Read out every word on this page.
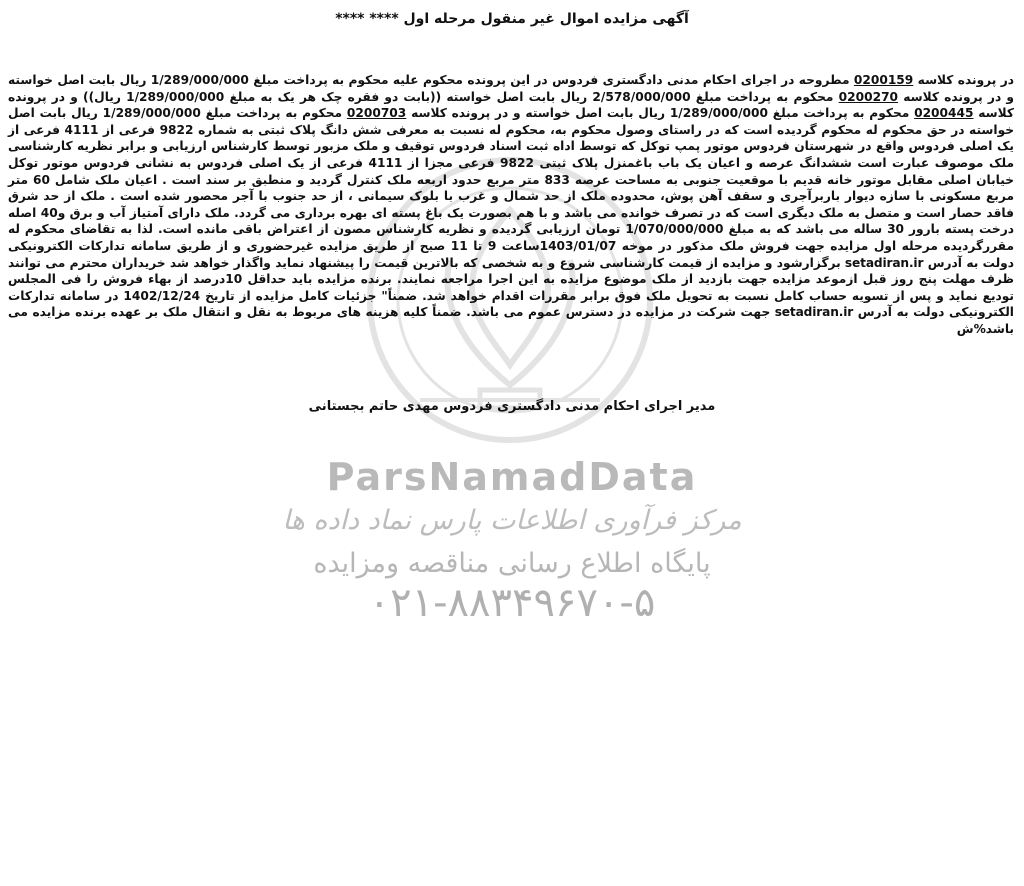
آگهی مزایده اموال غیر منقول مرحله اول **** ****

در پرونده کلاسه 0200159 مطروحه در اجرای احکام مدنی دادگستری فردوس در این پرونده محکوم علیه محکوم به پرداخت مبلغ 1/289/000/000 ریال بابت اصل خواسته و در پرونده کلاسه 0200270 محکوم به پرداخت مبلغ 2/578/000/000 ریال بابت اصل خواسته ((بابت دو فقره چک هر یک به مبلغ 1/289/000/000 ریال)) و در پرونده کلاسه 0200445 محکوم به پرداخت مبلغ 1/289/000/000 ریال بابت اصل خواسته و در پرونده کلاسه 0200703 محکوم به پرداخت مبلغ 1/289/000/000 ریال بابت اصل خواسته در حق محکوم له محکوم گردیده است که در راستای وصول محکوم به، محکوم له نسبت به معرفی شش دانگ پلاک ثبتی به شماره 9822 فرعی از 4111 فرعی از یک اصلی فردوس واقع در شهرستان فردوس موتور پمپ توکل که توسط اداه ثبت اسناد فردوس توقیف و ملک مزبور توسط کارشناس ارزیابی و برابر نظریه کارشناسی ملک موصوف عبارت است ششدانگ عرصه و اعیان یک باب باغمنزل پلاک ثبتی 9822 فرعی مجزا از 4111 فرعی از یک اصلی فردوس به نشانی فردوس موتور توکل خیابان اصلی مقابل موتور خانه قدیم با موقعیت جنوبی به مساحت عرصه 833 متر مربع حدود اربعه ملک کنترل گردید و منطبق بر سند است . اعیان ملک شامل 60 متر مربع مسکونی با سازه دیوار باربرآجری و سقف آهن پوش، محدوده ملک از حد شمال و غرب با بلوک سیمانی ، از حد جنوب با آجر محصور شده است . ملک از حد شرق فاقد حصار است و متصل به ملک دیگری است که در تصرف خوانده می باشد و با هم بصورت یک باغ پسته ای بهره برداری می گردد. ملک دارای آمتیاز آب و برق و40 اصله درخت پسته بارور 30 ساله می باشد که به مبلغ 1/070/000/000 تومان ارزیابی گردیده و نظریه کارشناس مصون از اعتراض باقی مانده است. لذا به تقاضای محکوم له مقررگردیده مرحله اول مزایده جهت فروش ملک مذکور در موخه 1403/01/07ساعت 9 تا 11 صبح از طریق مزایده غیرحضوری و از طریق سامانه تدارکات الکترونیکی دولت به آدرس setadiran.ir برگزارشود و مزایده از قیمت کارشناسی شروع و به شخصی که بالاترین قیمت را پیشنهاد نماید واگذار خواهد شد خریداران محترم می توانند ظرف مهلت پنج روز قبل ازموعد مزایده جهت بازدید از ملک موضوع مزایده به این اجرا مراجعه نمایند. برنده مزایده باید حداقل 10درصد از بهاء فروش را فی المجلس تودیع نماید و پس از تسویه حساب کامل نسبت به تحویل ملک فوق برابر مقررات اقدام خواهد شد. ضمناً" جزئیات کامل مزایده از تاریخ 1402/12/24 در سامانه تدارکات الکترونیکی دولت به آدرس setadiran.ir جهت شرکت در مزایده در دسترس عموم می باشد. ضمناً کلیه هزینه های مربوط به نقل و انتقال ملک بر عهده برنده مزایده می باشد%ش

مدیر اجرای احکام مدنی دادگستری فردوس مهدی حاتم بجستانی
ParsNamadData
مرکز فرآوری اطلاعات پارس نماد داده ها
پایگاه اطلاع رسانی مناقصه ومزایده
۰۲۱-۸۸۳۴۹۶۷۰-۵
